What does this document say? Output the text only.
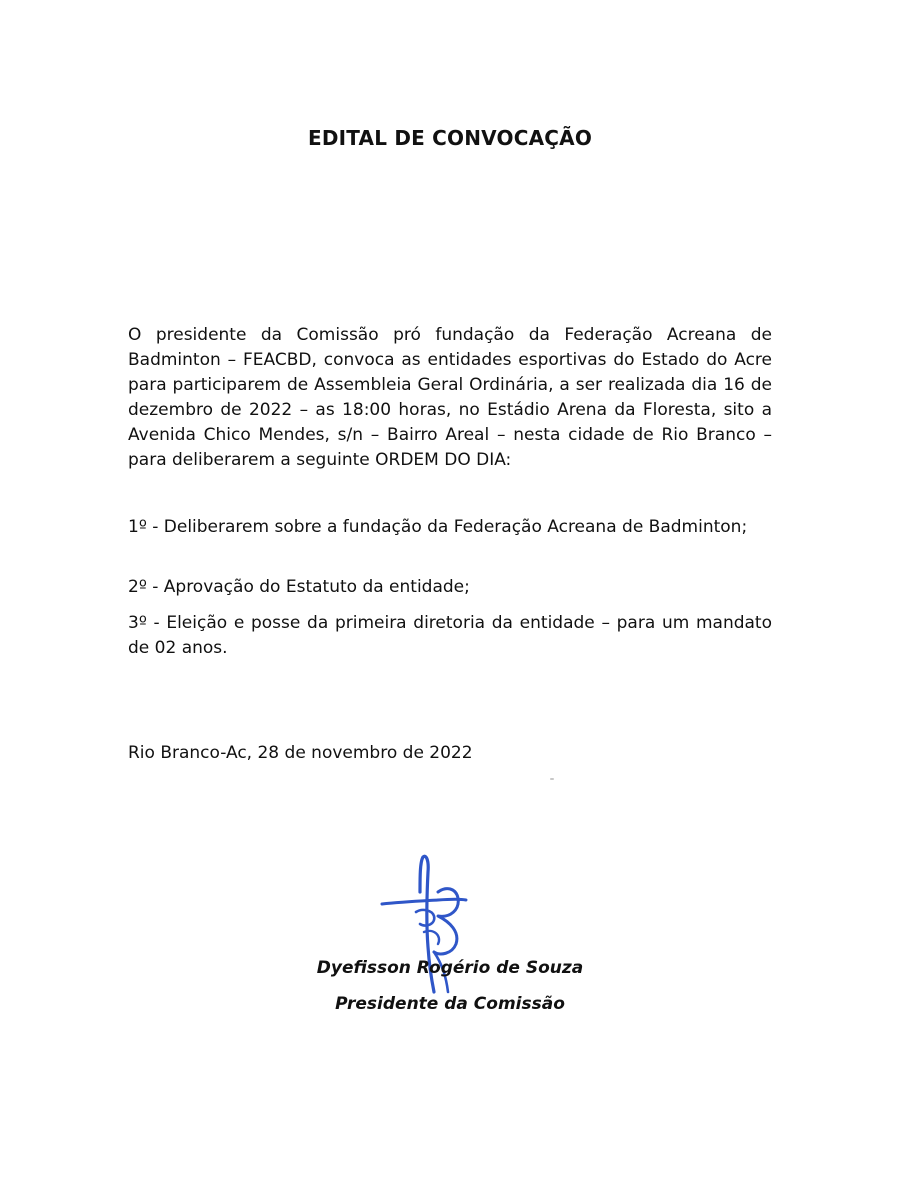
EDITAL DE CONVOCAÇÃO

O presidente da Comissão pró fundação da Federação Acreana de Badminton – FEACBD, convoca as entidades esportivas do Estado do Acre para participarem de Assembleia Geral Ordinária, a ser realizada dia 16 de dezembro de 2022 – as 18:00 horas, no Estádio Arena da Floresta, sito a Avenida Chico Mendes, s/n – Bairro Areal – nesta cidade de Rio Branco – para deliberarem a seguinte ORDEM DO DIA:

1º - Deliberarem sobre a fundação da Federação Acreana de Badminton;

2º - Aprovação do Estatuto da entidade;

3º - Eleição e posse da primeira diretoria da entidade – para um mandato de 02 anos.

Rio Branco-Ac, 28 de novembro de 2022

Dyefisson Rogério de Souza

Presidente da Comissão
